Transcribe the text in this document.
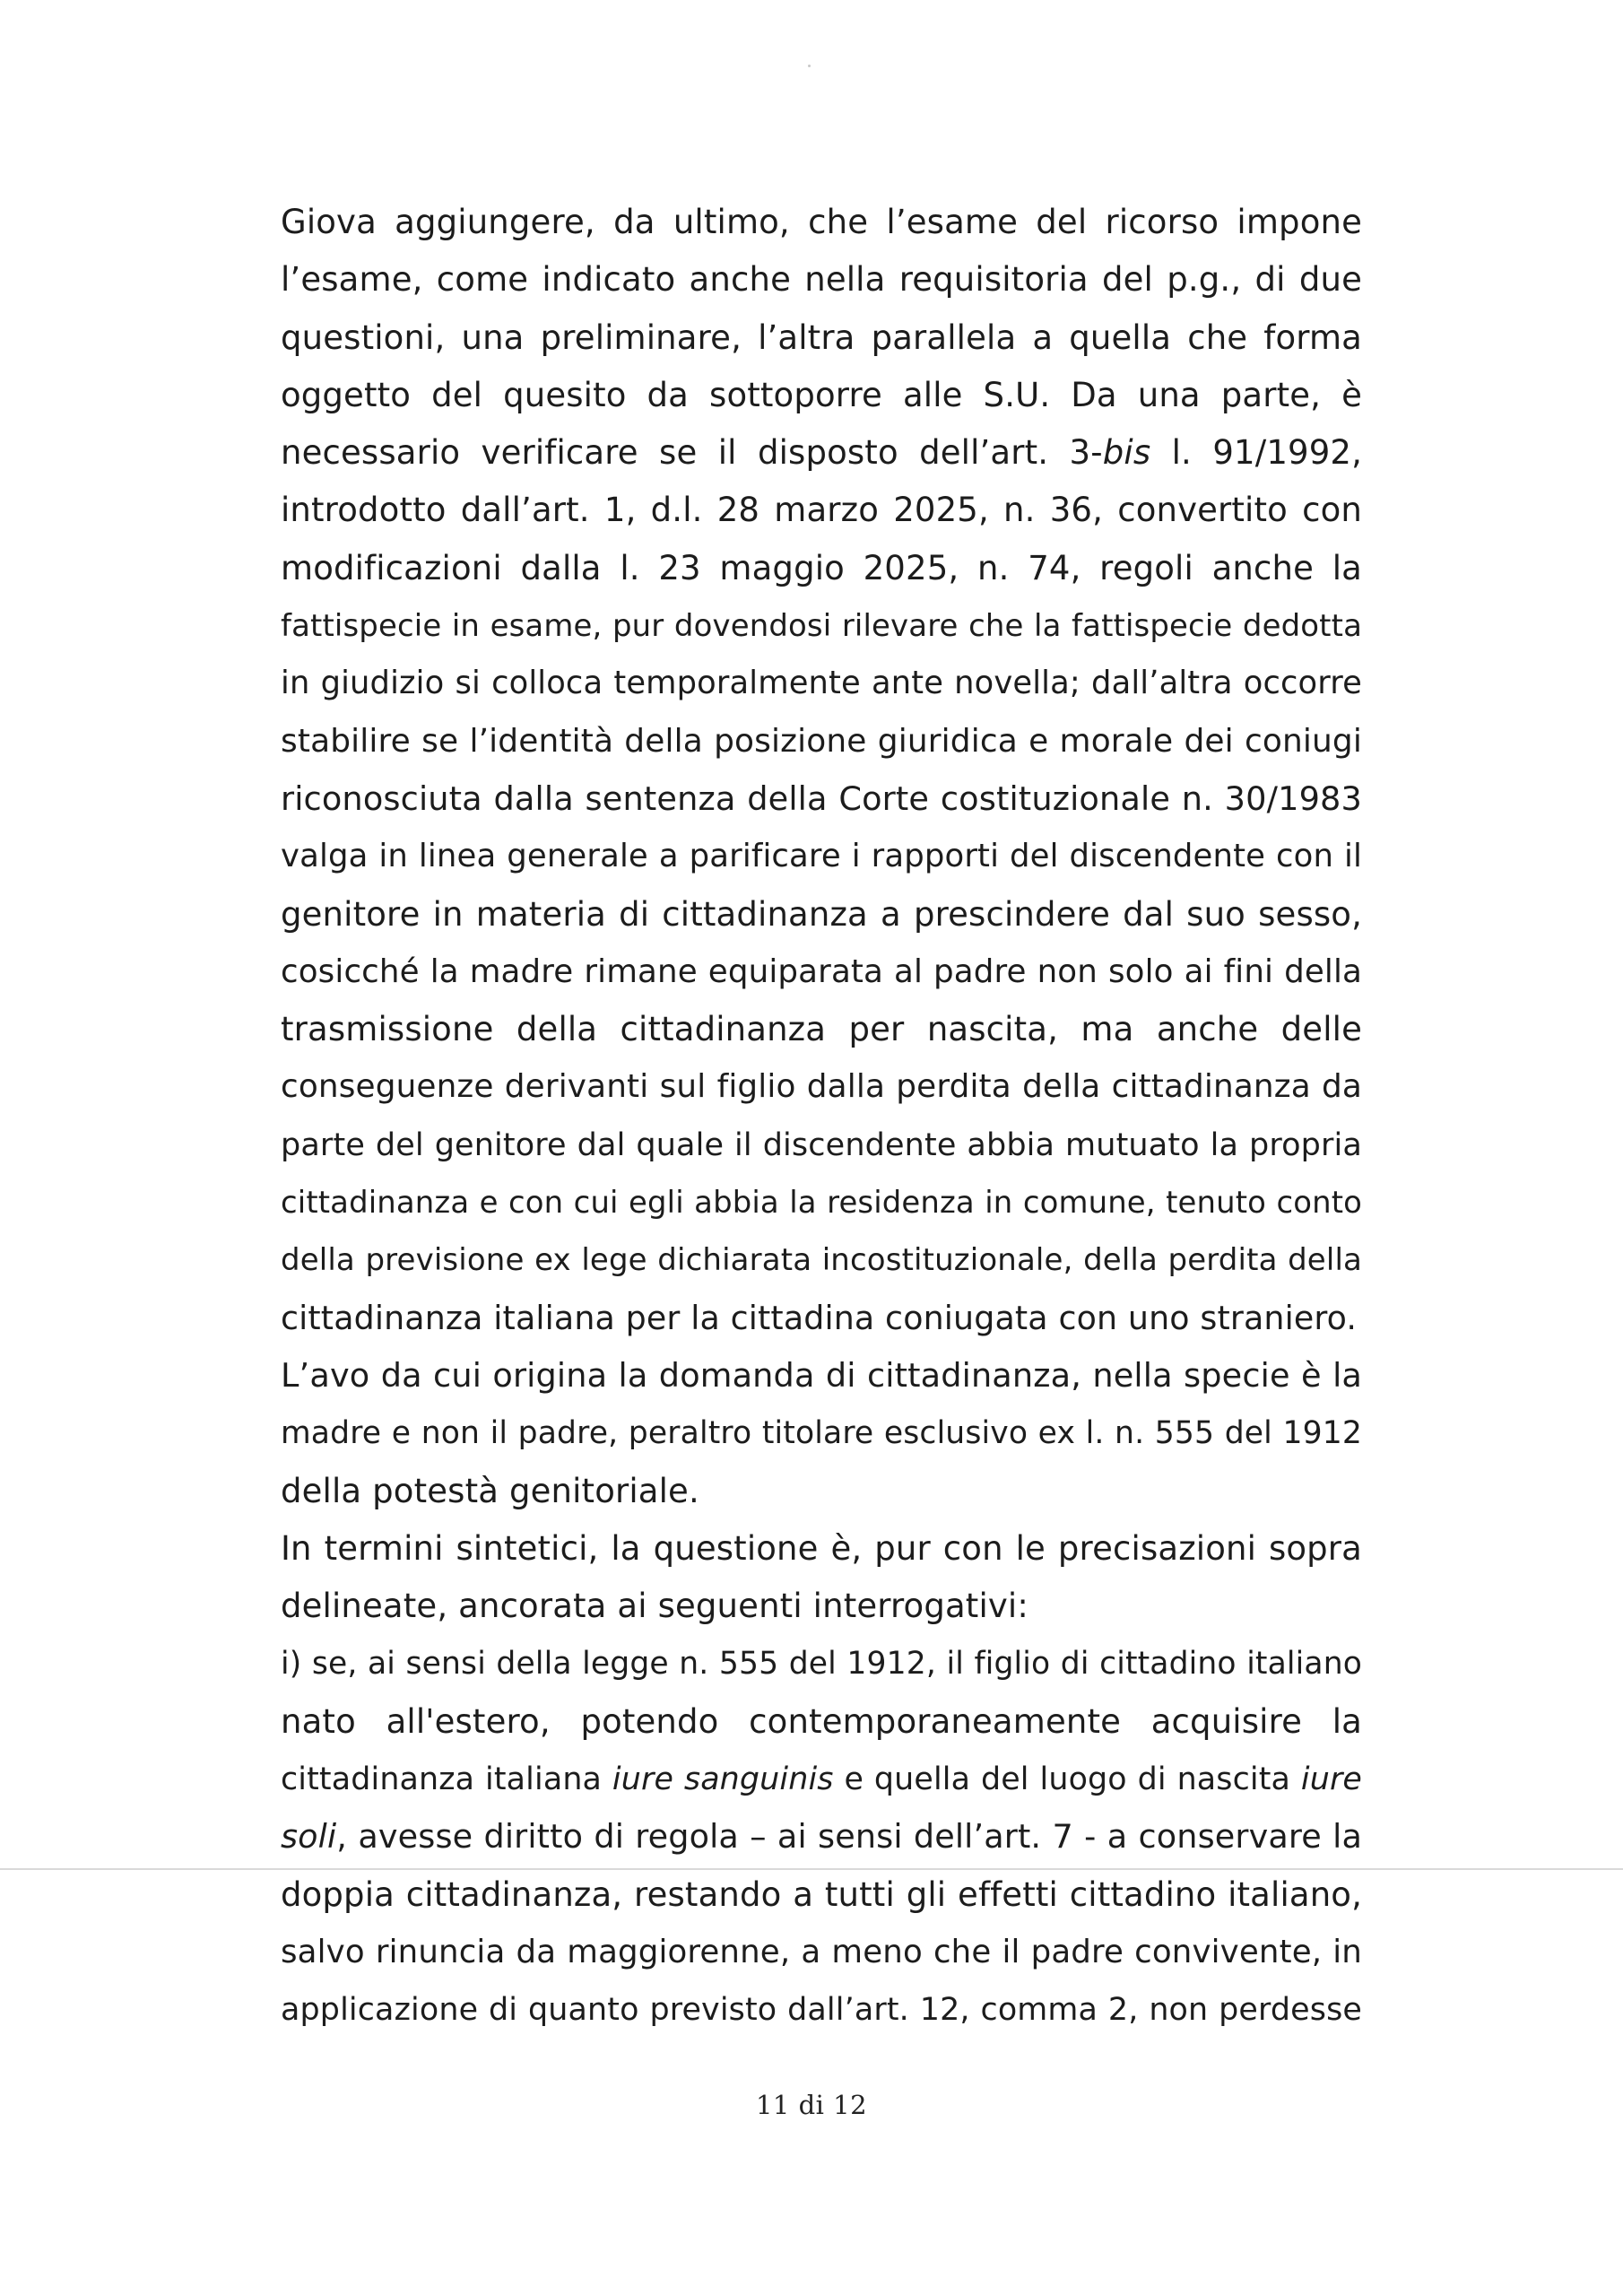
Giova aggiungere, da ultimo, che l’esame del ricorso impone
l’esame, come indicato anche nella requisitoria del p.g., di due
questioni, una preliminare, l’altra parallela a quella che forma
oggetto del quesito da sottoporre alle S.U. Da una parte, è
necessario verificare se il disposto dell’art. 3-bis l. 91/1992,
introdotto dall’art. 1, d.l. 28 marzo 2025, n. 36, convertito con
modificazioni dalla l. 23 maggio 2025, n. 74, regoli anche la
fattispecie in esame, pur dovendosi rilevare che la fattispecie dedotta
in giudizio si colloca temporalmente ante novella; dall’altra occorre
stabilire se l’identità della posizione giuridica e morale dei coniugi
riconosciuta dalla sentenza della Corte costituzionale n. 30/1983
valga in linea generale a parificare i rapporti del discendente con il
genitore in materia di cittadinanza a prescindere dal suo sesso,
cosicché la madre rimane equiparata al padre non solo ai fini della
trasmissione della cittadinanza per nascita, ma anche delle
conseguenze derivanti sul figlio dalla perdita della cittadinanza da
parte del genitore dal quale il discendente abbia mutuato la propria
cittadinanza e con cui egli abbia la residenza in comune, tenuto conto
della previsione ex lege dichiarata incostituzionale, della perdita della
cittadinanza italiana per la cittadina coniugata con uno straniero.

L’avo da cui origina la domanda di cittadinanza, nella specie è la
madre e non il padre, peraltro titolare esclusivo ex l. n. 555 del 1912
della potestà genitoriale.

In termini sintetici, la questione è, pur con le precisazioni sopra
delineate, ancorata ai seguenti interrogativi:

i) se, ai sensi della legge n. 555 del 1912, il figlio di cittadino italiano
nato all'estero, potendo contemporaneamente acquisire la
cittadinanza italiana iure sanguinis e quella del luogo di nascita iure
soli, avesse diritto di regola – ai sensi dell’art. 7 - a conservare la
doppia cittadinanza, restando a tutti gli effetti cittadino italiano,
salvo rinuncia da maggiorenne, a meno che il padre convivente, in
applicazione di quanto previsto dall’art. 12, comma 2, non perdesse

11 di 12
